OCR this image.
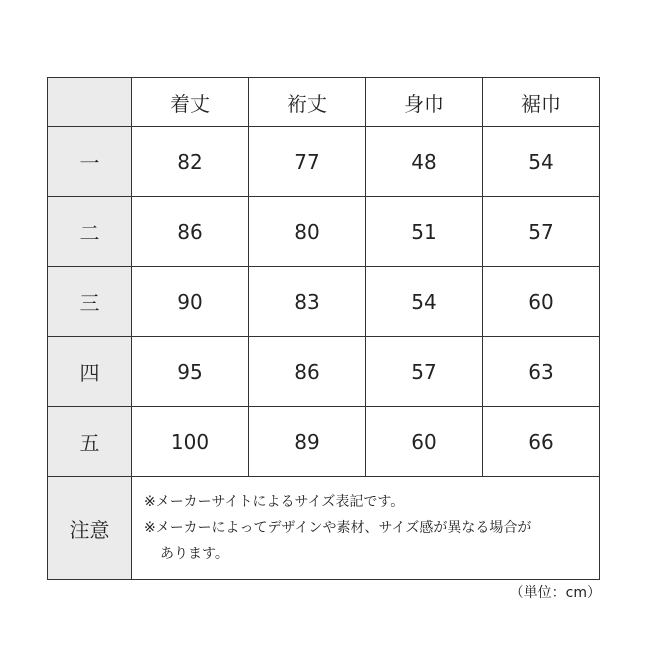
	着丈	裄丈	身巾	裾巾
一	82	77	48	54
二	86	80	51	57
三	90	83	54	60
四	95	86	57	63
五	100	89	60	66
注意	※メーカーサイトによるサイズ表記です。
※メーカーによってデザインや素材、サイズ感が異なる場合が
あります。			
（単位：cm）
